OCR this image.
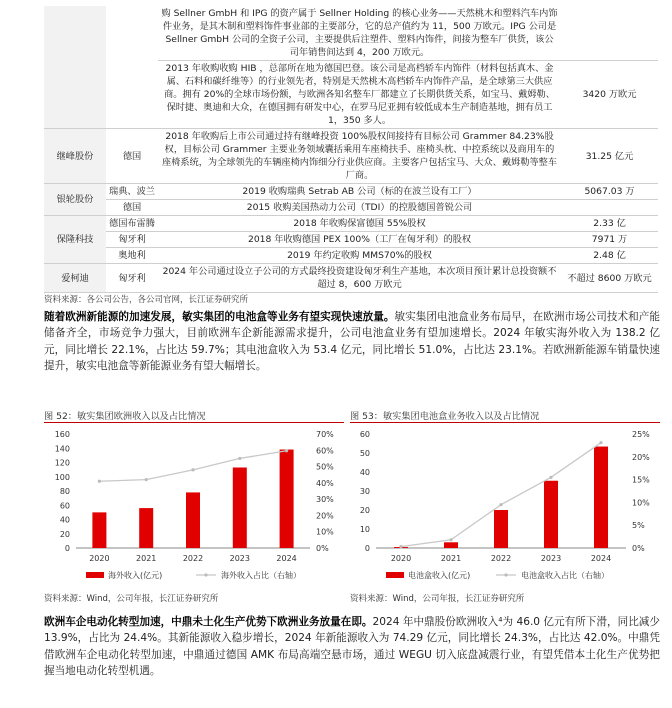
		购 Sellner GmbH 和 IPG 的资产属于 Sellner Holding 的核心业务——天然桃木和塑料汽车内饰件业务，是其木制和塑料饰件事业部的主要部分，它的总产值约为 11，500 万欧元。IPG 公司是 Sellner GmbH 公司的全资子公司，主要提供后注塑件、塑料内饰件，间接为整车厂供货，该公司年销售间达到 4，200 万欧元。	
		2013 年收购收购 HIB ，总部所在地为德国巴登。该公司是高档轿车内饰件（材料包括真木、金属、石料和碳纤维等）的行业领先者，特别是天然桃木高档轿车内饰件产品，是全球第三大供应商。拥有 20%的全球市场份额，与欧洲各知名整车厂都建立了长期供货关系，如宝马、戴姆勒、保时捷、奥迪和大众，在德国拥有研发中心，在罗马尼亚拥有较低成本生产制造基地，拥有员工 1，350 多人。	3420 万欧元
继峰股份	德国	2018 年收购后上市公司通过持有继峰投资 100%股权间接持有目标公司 Grammer 84.23%股权，目标公司 Grammer 主要业务领域囊括乘用车座椅扶手、座椅头枕、中控系统以及商用车的座椅系统，为全球领先的车辆座椅内饰细分行业供应商。主要客户包括宝马、大众、戴姆勒等整车厂商。	31.25 亿元
银轮股份	瑞典、波兰	2019 收购瑞典 Setrab AB 公司（标的在波兰设有工厂）	5067.03 万
	德国	2015 收购美国热动力公司（TDI）的控股德国普锐公司	
保隆科技	德国布雷腾	2018 年收购保富德国 55%股权	2.33 亿
	匈牙利	2018 年收购德国 PEX 100%（工厂在匈牙利）的股权	7971 万
	奥地利	2019 年约定收购 MMS70%的股权	2.48 亿
爱柯迪	匈牙利	2024 年公司通过设立子公司的方式最终投资建设匈牙利生产基地，本次项目预计累计总投资额不超过 8，600 万欧元	不超过 8600 万欧元
资料来源：各公司公告，各公司官网，长江证券研究所
随着欧洲新能源的加速发展，敏实集团的电池盒等业务有望实现快速放量。敏实集团电池盒业务布局早，在欧洲市场公司技术和产能储备齐全，市场竞争力强大，目前欧洲车企新能源需求提升，公司电池盒业务有望加速增长。2024 年敏实海外收入为 138.2 亿元，同比增长 22.1%，占比达 59.7%；其电池盒收入为 53.4 亿元，同比增长 51.0%，占比达 23.1%。若欧洲新能源车销量快速提升，敏实电池盒等新能源业务有望大幅增长。
图 52：敏实集团欧洲收入以及占比情况
0
20
40
60
80
100
120
140
160
0%
10%
20%
30%
40%
50%
60%
70%
2020	2021	2022	2023	2024
海外收入(亿元)	海外收入占比（右轴）
资料来源：Wind，公司年报，长江证券研究所
图 53：敏实集团电池盒业务收入以及占比情况
0
10
20
30
40
50
60
0%
5%
10%
15%
20%
25%
2020	2021	2022	2023	2024
电池盒收入(亿元)	电池盒收入占比（右轴）
资料来源：Wind，公司年报，长江证券研究所
欧洲车企电动化转型加速，中鼎未土化生产优势下欧洲业务放量在即。2024 年中鼎股份欧洲收入⁴为 46.0 亿元有所下滑，同比减少 13.9%，占比为 24.4%。其新能源收入稳步增长，2024 年新能源收入为 74.29 亿元，同比增长 24.3%，占比达 42.0%。中鼎凭借欧洲车企电动化转型加速，中鼎通过德国 AMK 布局高端空悬市场，通过 WEGU 切入底盘减震行业，有望凭借本土化生产优势把握当地电动化转型机遇。
